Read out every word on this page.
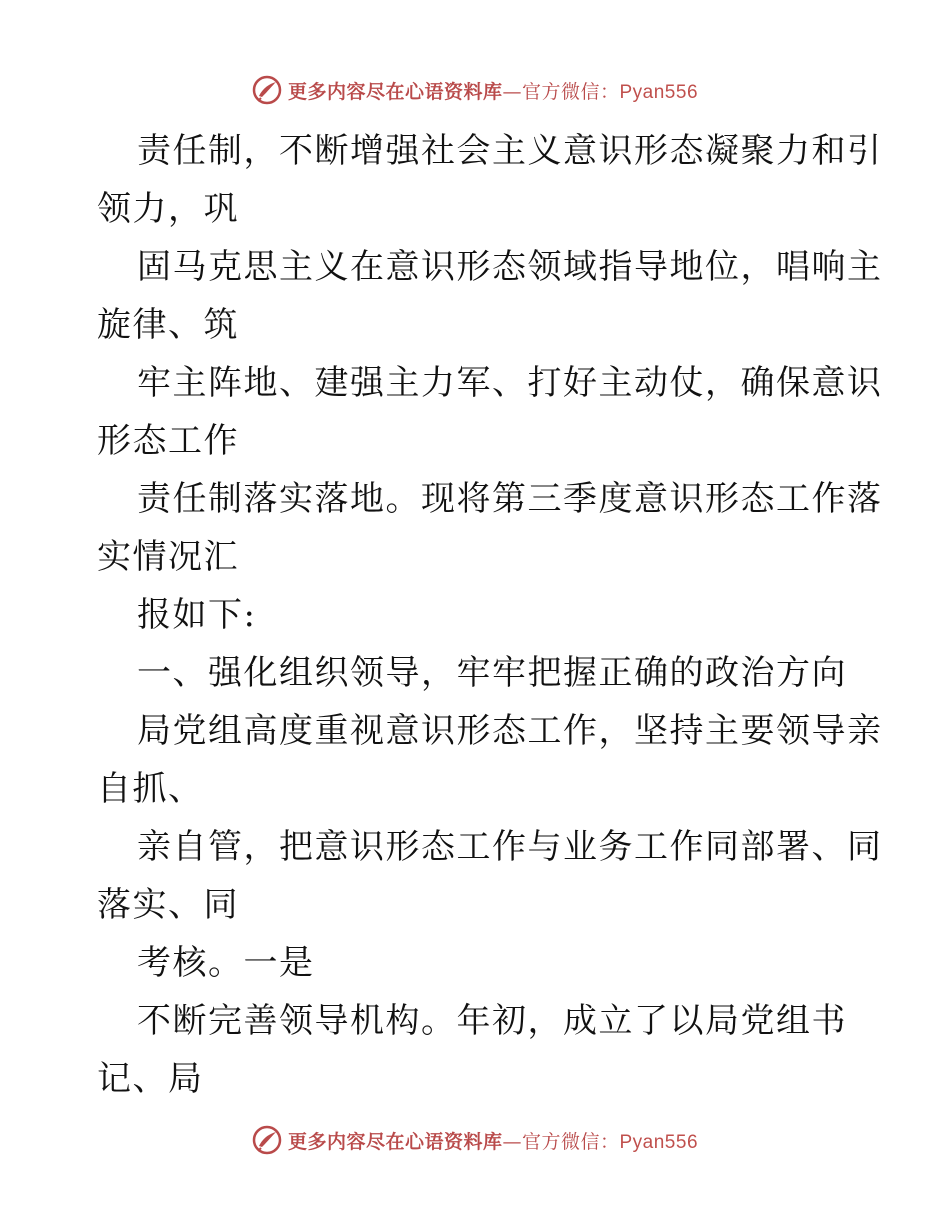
更多内容尽在心语资料库—官方微信：Pyan556
责任制，不断增强社会主义意识形态凝聚力和引
领力，巩
固马克思主义在意识形态领域指导地位，唱响主
旋律、筑
牢主阵地、建强主力军、打好主动仗，确保意识
形态工作
责任制落实落地。现将第三季度意识形态工作落
实情况汇
报如下:
一、强化组织领导，牢牢把握正确的政治方向
局党组高度重视意识形态工作，坚持主要领导亲
自抓、
亲自管，把意识形态工作与业务工作同部署、同
落实、同
考核。一是
不断完善领导机构。年初，成立了以局党组书
记、局
更多内容尽在心语资料库—官方微信：Pyan556
